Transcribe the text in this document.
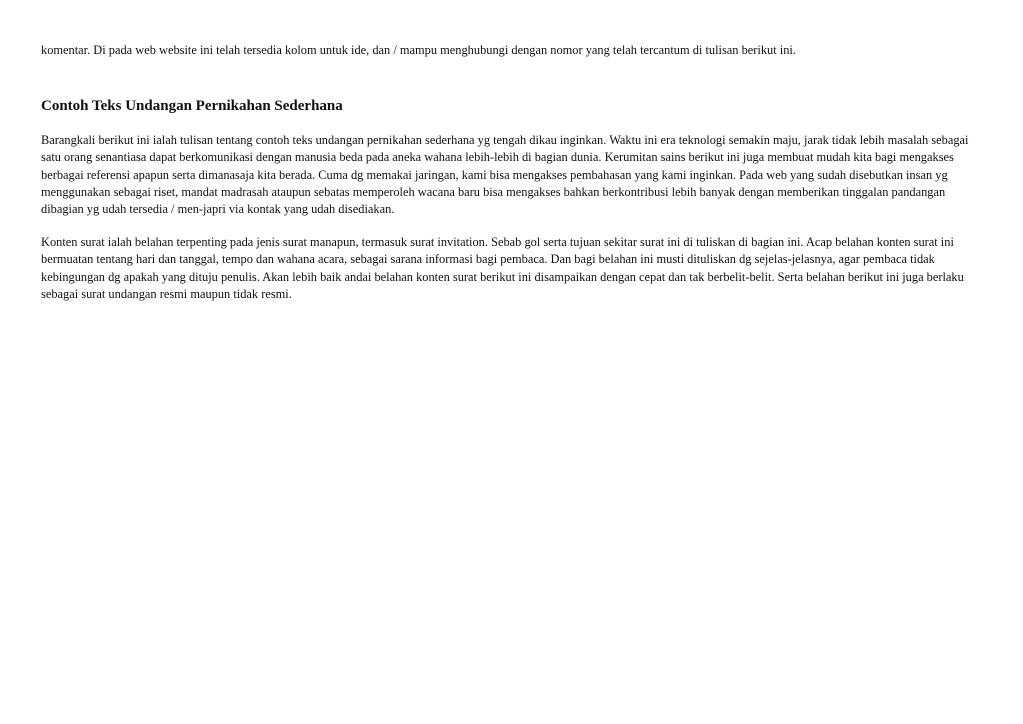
komentar. Di pada web website ini telah tersedia kolom untuk ide, dan / mampu menghubungi dengan nomor yang telah tercantum di tulisan berikut ini.

Contoh Teks Undangan Pernikahan Sederhana

Barangkali berikut ini ialah tulisan tentang contoh teks undangan pernikahan sederhana yg tengah dikau inginkan. Waktu ini era teknologi semakin maju, jarak tidak lebih masalah sebagai satu orang senantiasa dapat berkomunikasi dengan manusia beda pada aneka wahana lebih-lebih di bagian dunia. Kerumitan sains berikut ini juga membuat mudah kita bagi mengakses berbagai referensi apapun serta dimanasaja kita berada. Cuma dg memakai jaringan, kami bisa mengakses pembahasan yang kami inginkan. Pada web yang sudah disebutkan insan yg menggunakan sebagai riset, mandat madrasah ataupun sebatas memperoleh wacana baru bisa mengakses bahkan berkontribusi lebih banyak dengan memberikan tinggalan pandangan dibagian yg udah tersedia / men-japri via kontak yang udah disediakan.

Konten surat ialah belahan terpenting pada jenis surat manapun, termasuk surat invitation. Sebab gol serta tujuan sekitar surat ini di tuliskan di bagian ini. Acap belahan konten surat ini bermuatan tentang hari dan tanggal, tempo dan wahana acara, sebagai sarana informasi bagi pembaca. Dan bagi belahan ini musti dituliskan dg sejelas-jelasnya, agar pembaca tidak kebingungan dg apakah yang dituju penulis. Akan lebih baik andai belahan konten surat berikut ini disampaikan dengan cepat dan tak berbelit-belit. Serta belahan berikut ini juga berlaku sebagai surat undangan resmi maupun tidak resmi.
